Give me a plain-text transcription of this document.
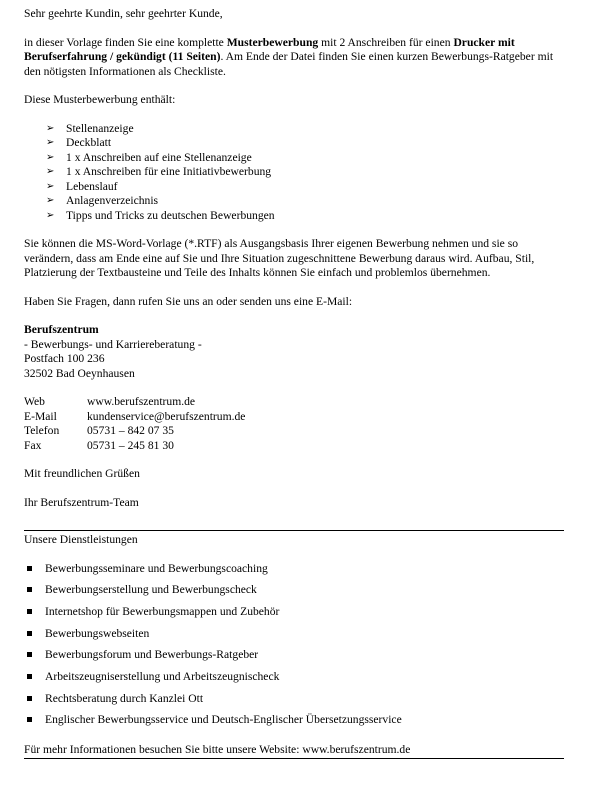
Sehr geehrte Kundin, sehr geehrter Kunde,

in dieser Vorlage finden Sie eine komplette Musterbewerbung mit 2 Anschreiben für einen Drucker mit Berufserfahrung / gekündigt (11 Seiten). Am Ende der Datei finden Sie einen kurzen Bewerbungs-Ratgeber mit den nötigsten Informationen als Checkliste.

Diese Musterbewerbung enthält:

➢	Stellenanzeige
➢	Deckblatt
➢	1 x Anschreiben auf eine Stellenanzeige
➢	1 x Anschreiben für eine Initiativbewerbung
➢	Lebenslauf
➢	Anlagenverzeichnis
➢	Tipps und Tricks zu deutschen Bewerbungen

Sie können die MS-Word-Vorlage (*.RTF) als Ausgangsbasis Ihrer eigenen Bewerbung nehmen und sie so verändern, dass am Ende eine auf Sie und Ihre Situation zugeschnittene Bewerbung daraus wird. Aufbau, Stil, Platzierung der Textbausteine und Teile des Inhalts können Sie einfach und problemlos übernehmen.

Haben Sie Fragen, dann rufen Sie uns an oder senden uns eine E-Mail:

Berufszentrum

- Bewerbungs- und Karriereberatung -

Postfach 100 236

32502 Bad Oeynhausen

Web	www.berufszentrum.de
E-Mail	kundenservice@berufszentrum.de
Telefon	05731 – 842 07 35
Fax	05731 – 245 81 30

Mit freundlichen Grüßen

Ihr Berufszentrum-Team

Unsere Dienstleistungen

Bewerbungsseminare und Bewerbungscoaching
Bewerbungserstellung und Bewerbungscheck
Internetshop für Bewerbungsmappen und Zubehör
Bewerbungswebseiten
Bewerbungsforum und Bewerbungs-Ratgeber
Arbeitszeugniserstellung und Arbeitszeugnischeck
Rechtsberatung durch Kanzlei Ott
Englischer Bewerbungsservice und Deutsch-Englischer Übersetzungsservice

Für mehr Informationen besuchen Sie bitte unsere Website: www.berufszentrum.de
